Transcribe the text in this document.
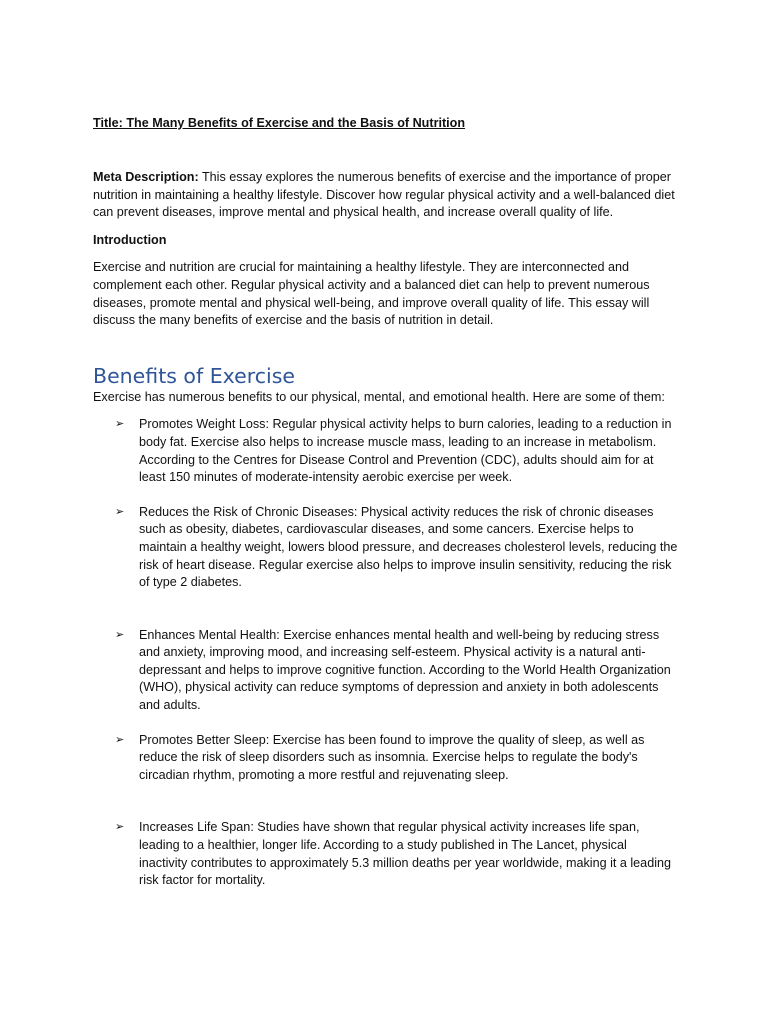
Title: The Many Benefits of Exercise and the Basis of Nutrition

Meta Description: This essay explores the numerous benefits of exercise and the importance of proper nutrition in maintaining a healthy lifestyle. Discover how regular physical activity and a well-balanced diet can prevent diseases, improve mental and physical health, and increase overall quality of life.

Introduction

Exercise and nutrition are crucial for maintaining a healthy lifestyle. They are interconnected and complement each other. Regular physical activity and a balanced diet can help to prevent numerous diseases, promote mental and physical well-being, and improve overall quality of life. This essay will discuss the many benefits of exercise and the basis of nutrition in detail.

Benefits of Exercise

Exercise has numerous benefits to our physical, mental, and emotional health. Here are some of them:

➢ Promotes Weight Loss: Regular physical activity helps to burn calories, leading to a reduction in body fat. Exercise also helps to increase muscle mass, leading to an increase in metabolism. According to the Centres for Disease Control and Prevention (CDC), adults should aim for at least 150 minutes of moderate-intensity aerobic exercise per week.
➢ Reduces the Risk of Chronic Diseases: Physical activity reduces the risk of chronic diseases such as obesity, diabetes, cardiovascular diseases, and some cancers. Exercise helps to maintain a healthy weight, lowers blood pressure, and decreases cholesterol levels, reducing the risk of heart disease. Regular exercise also helps to improve insulin sensitivity, reducing the risk of type 2 diabetes.
➢ Enhances Mental Health: Exercise enhances mental health and well-being by reducing stress and anxiety, improving mood, and increasing self-esteem. Physical activity is a natural anti-depressant and helps to improve cognitive function. According to the World Health Organization (WHO), physical activity can reduce symptoms of depression and anxiety in both adolescents and adults.
➢ Promotes Better Sleep: Exercise has been found to improve the quality of sleep, as well as reduce the risk of sleep disorders such as insomnia. Exercise helps to regulate the body's circadian rhythm, promoting a more restful and rejuvenating sleep.
➢ Increases Life Span: Studies have shown that regular physical activity increases life span, leading to a healthier, longer life. According to a study published in The Lancet, physical inactivity contributes to approximately 5.3 million deaths per year worldwide, making it a leading risk factor for mortality.
